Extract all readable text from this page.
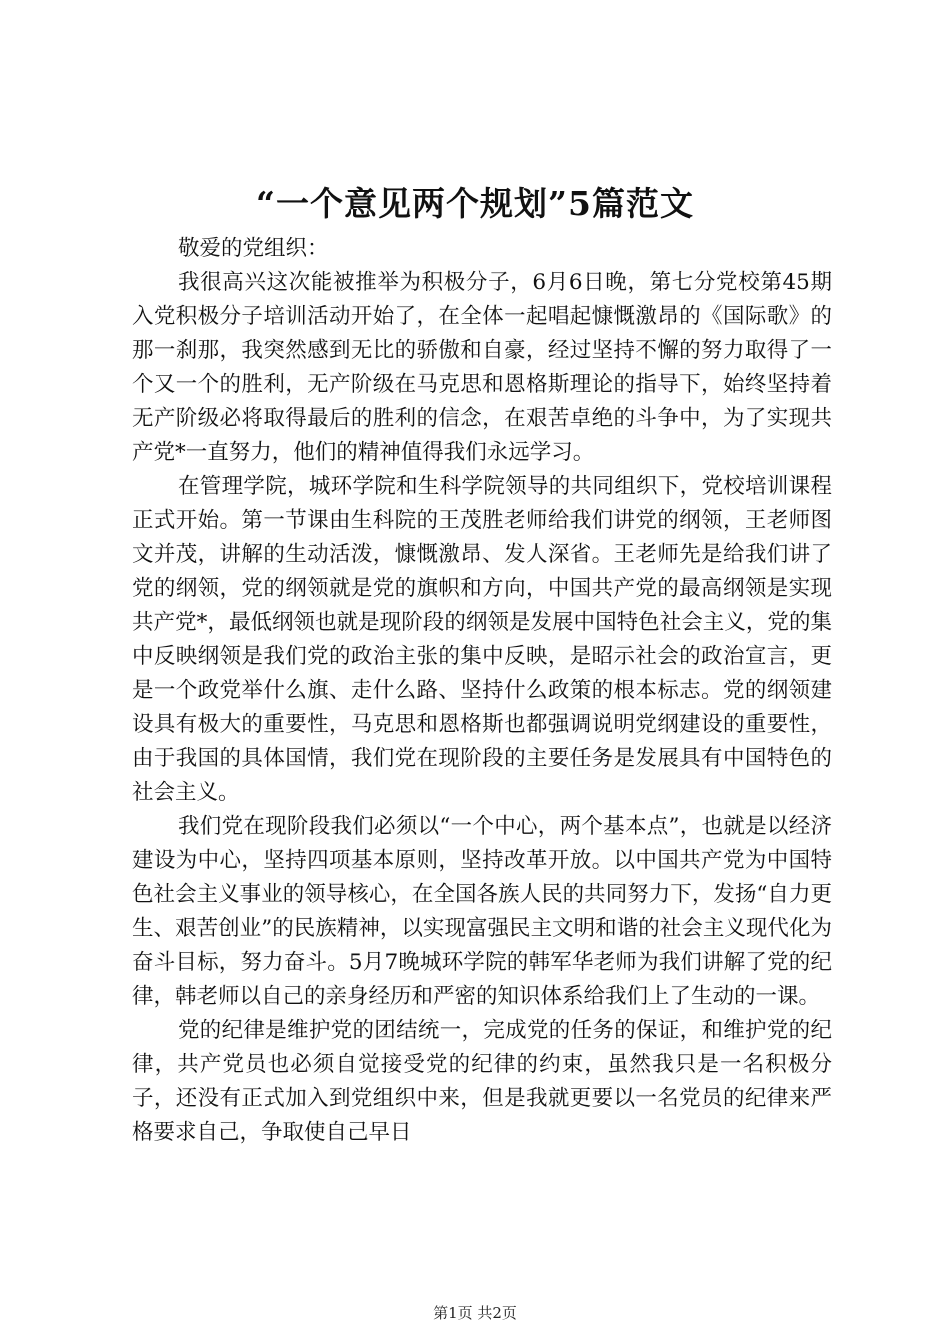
“一个意见两个规划”5篇范文

敬爱的党组织：

我很高兴这次能被推举为积极分子，6月6日晚，第七分党校第45期入党积极分子培训活动开始了，在全体一起唱起慷慨激昂的《国际歌》的那一刹那，我突然感到无比的骄傲和自豪，经过坚持不懈的努力取得了一个又一个的胜利，无产阶级在马克思和恩格斯理论的指导下，始终坚持着无产阶级必将取得最后的胜利的信念，在艰苦卓绝的斗争中，为了实现共产党*一直努力，他们的精神值得我们永远学习。

在管理学院，城环学院和生科学院领导的共同组织下，党校培训课程正式开始。第一节课由生科院的王茂胜老师给我们讲党的纲领，王老师图文并茂，讲解的生动活泼，慷慨激昂、发人深省。王老师先是给我们讲了党的纲领，党的纲领就是党的旗帜和方向，中国共产党的最高纲领是实现共产党*，最低纲领也就是现阶段的纲领是发展中国特色社会主义，党的集中反映纲领是我们党的政治主张的集中反映，是昭示社会的政治宣言，更是一个政党举什么旗、走什么路、坚持什么政策的根本标志。党的纲领建设具有极大的重要性，马克思和恩格斯也都强调说明党纲建设的重要性，由于我国的具体国情，我们党在现阶段的主要任务是发展具有中国特色的社会主义。

我们党在现阶段我们必须以“一个中心，两个基本点”，也就是以经济建设为中心，坚持四项基本原则，坚持改革开放。以中国共产党为中国特色社会主义事业的领导核心，在全国各族人民的共同努力下，发扬“自力更生、艰苦创业”的民族精神，以实现富强民主文明和谐的社会主义现代化为奋斗目标，努力奋斗。5月7晚城环学院的韩军华老师为我们讲解了党的纪律，韩老师以自己的亲身经历和严密的知识体系给我们上了生动的一课。

党的纪律是维护党的团结统一，完成党的任务的保证，和维护党的纪律，共产党员也必须自觉接受党的纪律的约束，虽然我只是一名积极分子，还没有正式加入到党组织中来，但是我就更要以一名党员的纪律来严格要求自己，争取使自己早日

第1页 共2页
